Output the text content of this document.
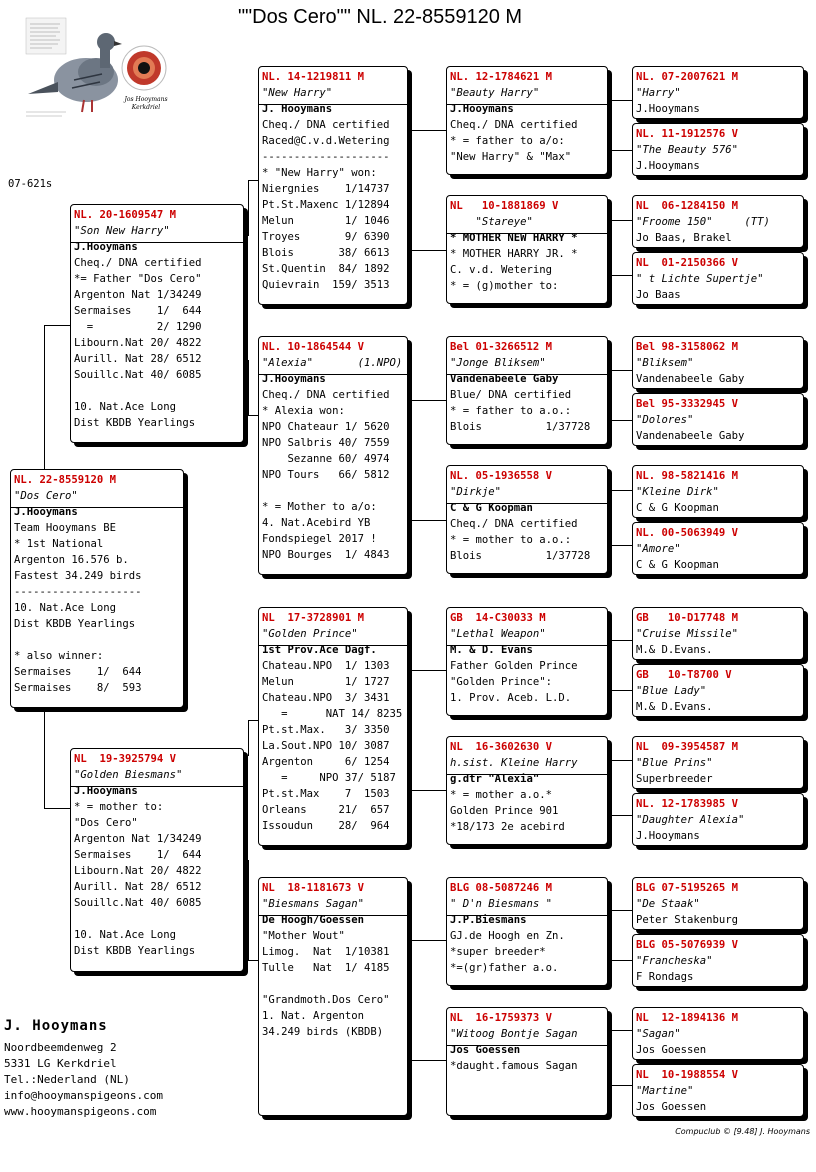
""Dos Cero"" NL. 22-8559120 M
Jos Hooymans Kerkdriel
07-621s
NL. 22-8559120 M
"Dos Cero"
J.Hooymans
Team Hooymans BE
* 1st National
Argenton 16.576 b.
Fastest 34.249 birds
--------------------
10. Nat.Ace Long
Dist KBDB Yearlings

* also winner:
Sermaises    1/  644
Sermaises    8/  593
NL. 20-1609547 M
"Son New Harry"
J.Hooymans
Cheq./ DNA certified
*= Father "Dos Cero"
Argenton Nat 1/34249
Sermaises    1/  644
=          2/ 1290
Libourn.Nat 20/ 4822
Aurill. Nat 28/ 6512
Souillc.Nat 40/ 6085

10. Nat.Ace Long
Dist KBDB Yearlings
NL  19-3925794 V
"Golden Biesmans"
J.Hooymans
* = mother to:
"Dos Cero"
Argenton Nat 1/34249
Sermaises    1/  644
Libourn.Nat 20/ 4822
Aurill. Nat 28/ 6512
Souillc.Nat 40/ 6085

10. Nat.Ace Long
Dist KBDB Yearlings
NL. 14-1219811 M
"New Harry"
J. Hooymans
Cheq./ DNA certified
Raced@C.v.d.Wetering
--------------------
* "New Harry" won:
Niergnies    1/14737
Pt.St.Maxenc 1/12894
Melun        1/ 1046
Troyes       9/ 6390
Blois       38/ 6613
St.Quentin  84/ 1892
Quievrain  159/ 3513
NL. 10-1864544 V
"Alexia"       (1.NPO)
J.Hooymans
Cheq./ DNA certified
* Alexia won:
NPO Chateaur 1/ 5620
NPO Salbris 40/ 7559
Sezanne 60/ 4974
NPO Tours   66/ 5812

* = Mother to a/o:
4. Nat.Acebird YB
Fondspiegel 2017 !
NPO Bourges  1/ 4843
NL  17-3728901 M
"Golden Prince"
1st Prov.Ace Dagf.
Chateau.NPO  1/ 1303
Melun        1/ 1727
Chateau.NPO  3/ 3431
=      NAT 14/ 8235
Pt.st.Max.   3/ 3350
La.Sout.NPO 10/ 3087
Argenton     6/ 1254
=     NPO 37/ 5187
Pt.st.Max    7  1503
Orleans     21/  657
Issoudun    28/  964
NL  18-1181673 V
"Biesmans Sagan"
De Hoogh/Goessen
"Mother Wout"
Limog.  Nat  1/10381
Tulle   Nat  1/ 4185

"Grandmoth.Dos Cero"
1. Nat. Argenton
34.249 birds (KBDB)
NL. 12-1784621 M
"Beauty Harry"
J.Hooymans
Cheq./ DNA certified
* = father to a/o:
"New Harry" & "Max"
NL   10-1881869 V
"Stareye"
* MOTHER NEW HARRY *
* MOTHER HARRY JR. *
C. v.d. Wetering
* = (g)mother to:
Bel 01-3266512 M
"Jonge Bliksem"
Vandenabeele Gaby
Blue/ DNA certified
* = father to a.o.:
Blois          1/37728
NL. 05-1936558 V
"Dirkje"
C & G Koopman
Cheq./ DNA certified
* = mother to a.o.:
Blois          1/37728
GB  14-C30033 M
"Lethal Weapon"
M. & D. Evans
Father Golden Prince
"Golden Prince":
1. Prov. Aceb. L.D.
NL  16-3602630 V
h.sist. Kleine Harry
g.dtr "Alexia"
* = mother a.o.*
Golden Prince 901
*18/173 2e acebird
BLG 08-5087246 M
" D'n Biesmans "
J.P.Biesmans
GJ.de Hoogh en Zn.
*super breeder*
*=(gr)father a.o.
NL  16-1759373 V
"Witoog Bontje Sagan
Jos Goessen
*daught.famous Sagan
NL. 07-2007621 M
"Harry"
J.Hooymans
NL. 11-1912576 V
"The Beauty 576"
J.Hooymans
NL  06-1284150 M
"Froome 150"     (TT)
Jo Baas, Brakel
NL  01-2150366 V
" t Lichte Supertje"
Jo Baas
Bel 98-3158062 M
"Bliksem"
Vandenabeele Gaby
Bel 95-3332945 V
"Dolores"
Vandenabeele Gaby
NL. 98-5821416 M
"Kleine Dirk"
C & G Koopman
NL. 00-5063949 V
"Amore"
C & G Koopman
GB   10-D17748 M
"Cruise Missile"
M.& D.Evans.
GB   10-T8700 V
"Blue Lady"
M.& D.Evans.
NL  09-3954587 M
"Blue Prins"
Superbreeder
NL. 12-1783985 V
"Daughter Alexia"
J.Hooymans
BLG 07-5195265 M
"De Staak"
Peter Stakenburg
BLG 05-5076939 V
"Francheska"
F Rondags
NL  12-1894136 M
"Sagan"
Jos Goessen
NL  10-1988554 V
"Martine"
Jos Goessen
J. Hooymans
Noordbeemdenweg 2
5331 LG Kerkdriel
Tel.:Nederland (NL)
info@hooymanspigeons.com
www.hooymanspigeons.com
Compuclub © [9.48] J. Hooymans
